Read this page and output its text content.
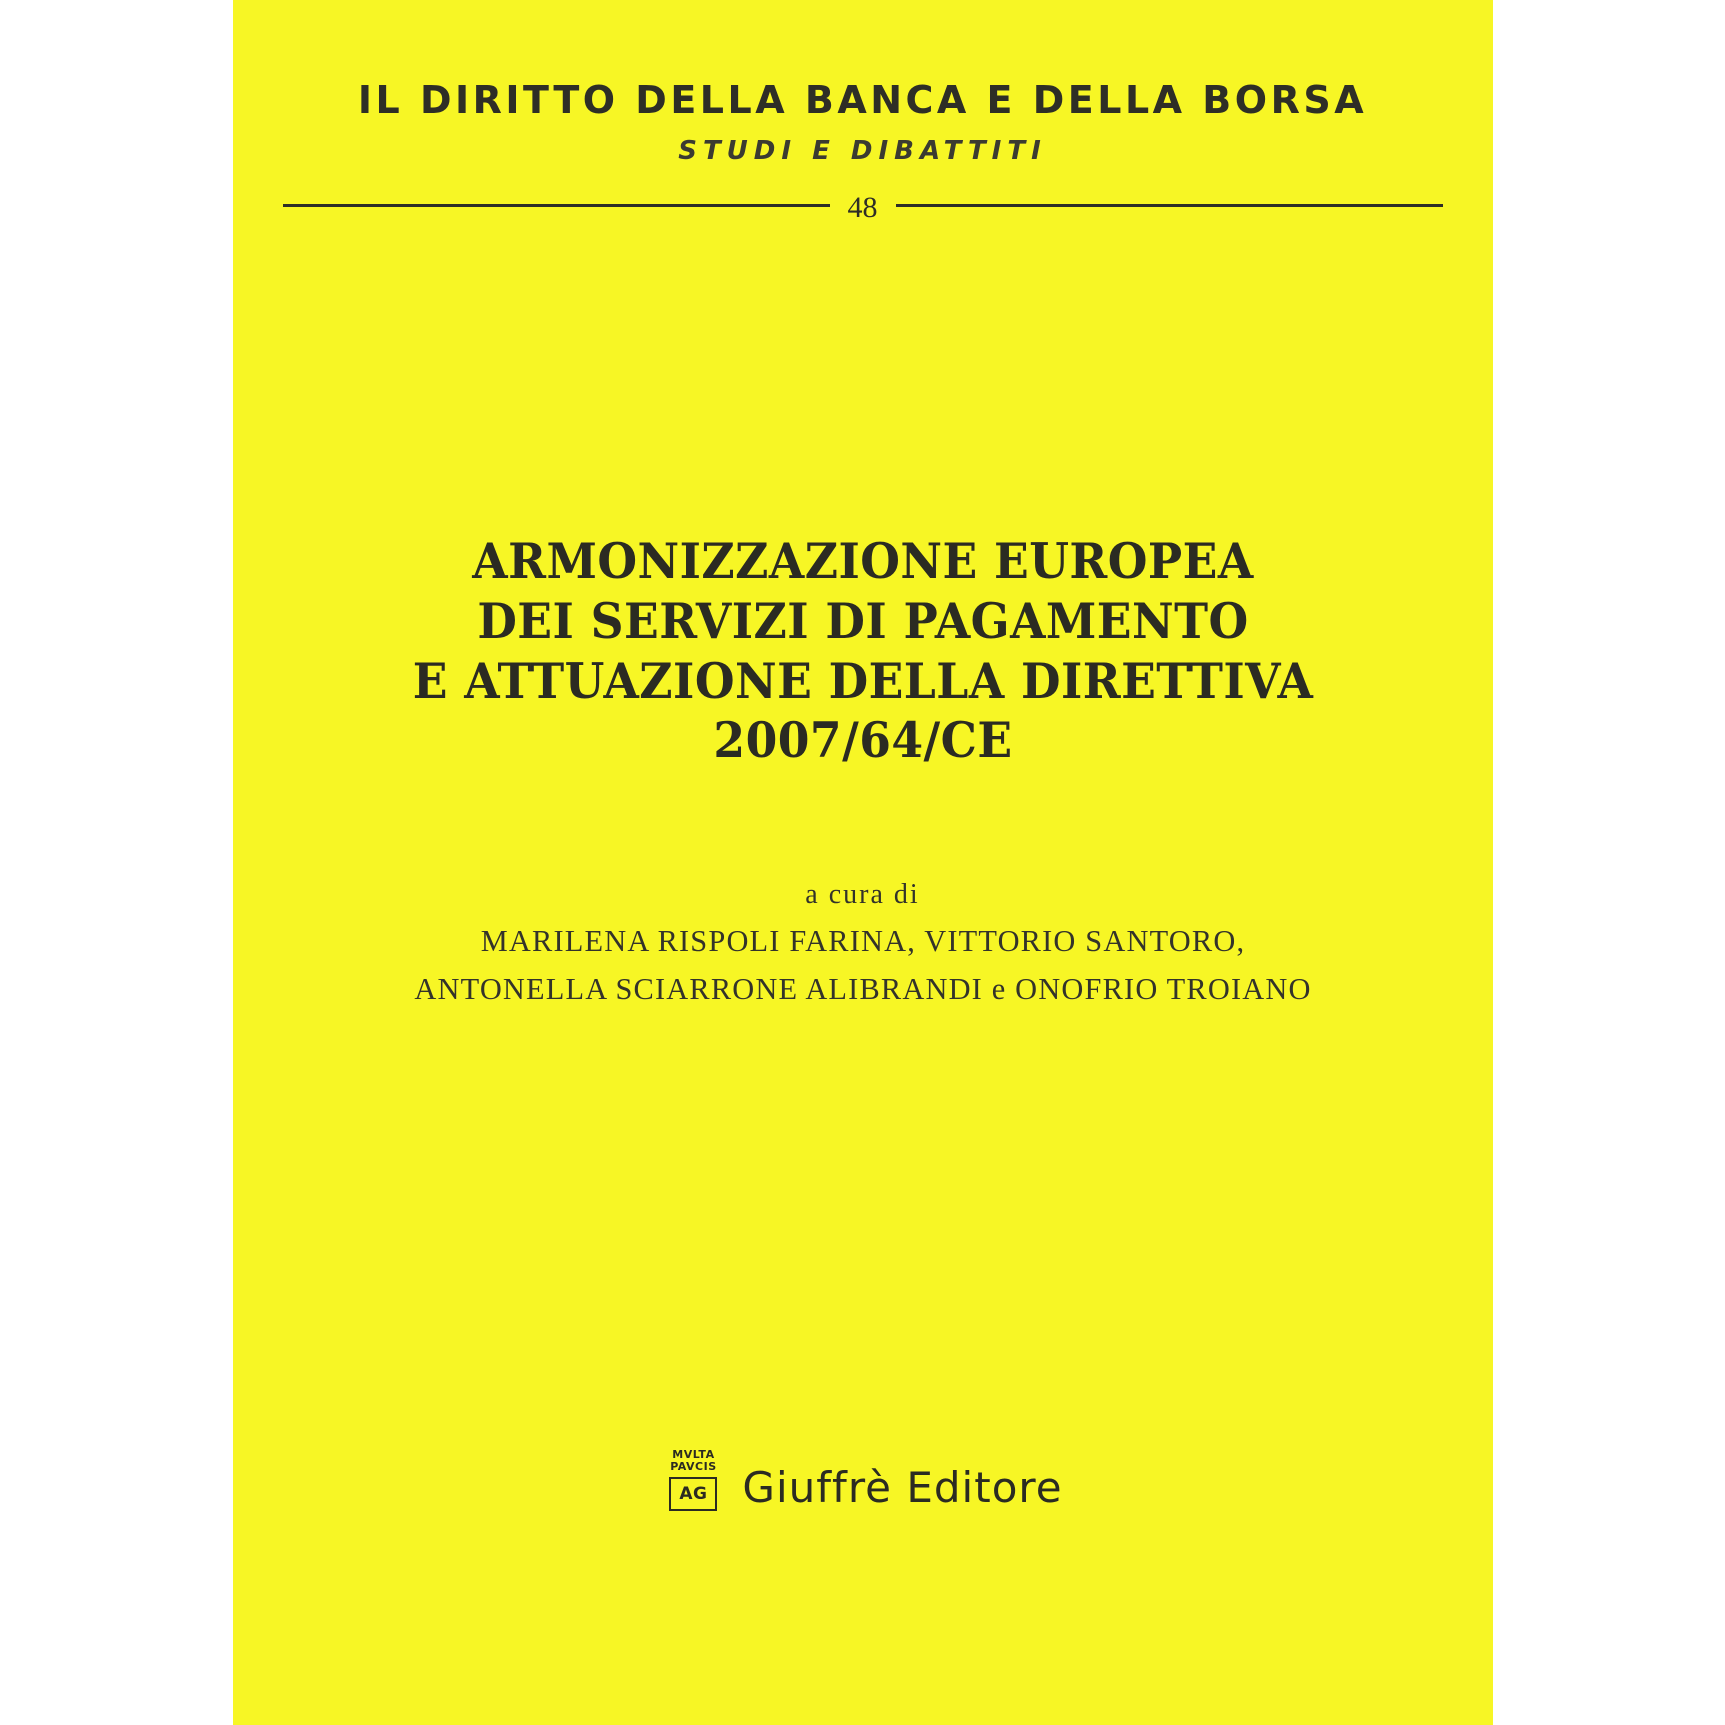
IL DIRITTO DELLA BANCA E DELLA BORSA
STUDI E DIBATTITI
48
ARMONIZZAZIONE EUROPEA
DEI SERVIZI DI PAGAMENTO
E ATTUAZIONE DELLA DIRETTIVA 2007/64/CE
a cura di
MARILENA RISPOLI FARINA, VITTORIO SANTORO,
ANTONELLA SCIARRONE ALIBRANDI e ONOFRIO TROIANO
MVLTA
PAVCIS
AG Giuffrè Editore
